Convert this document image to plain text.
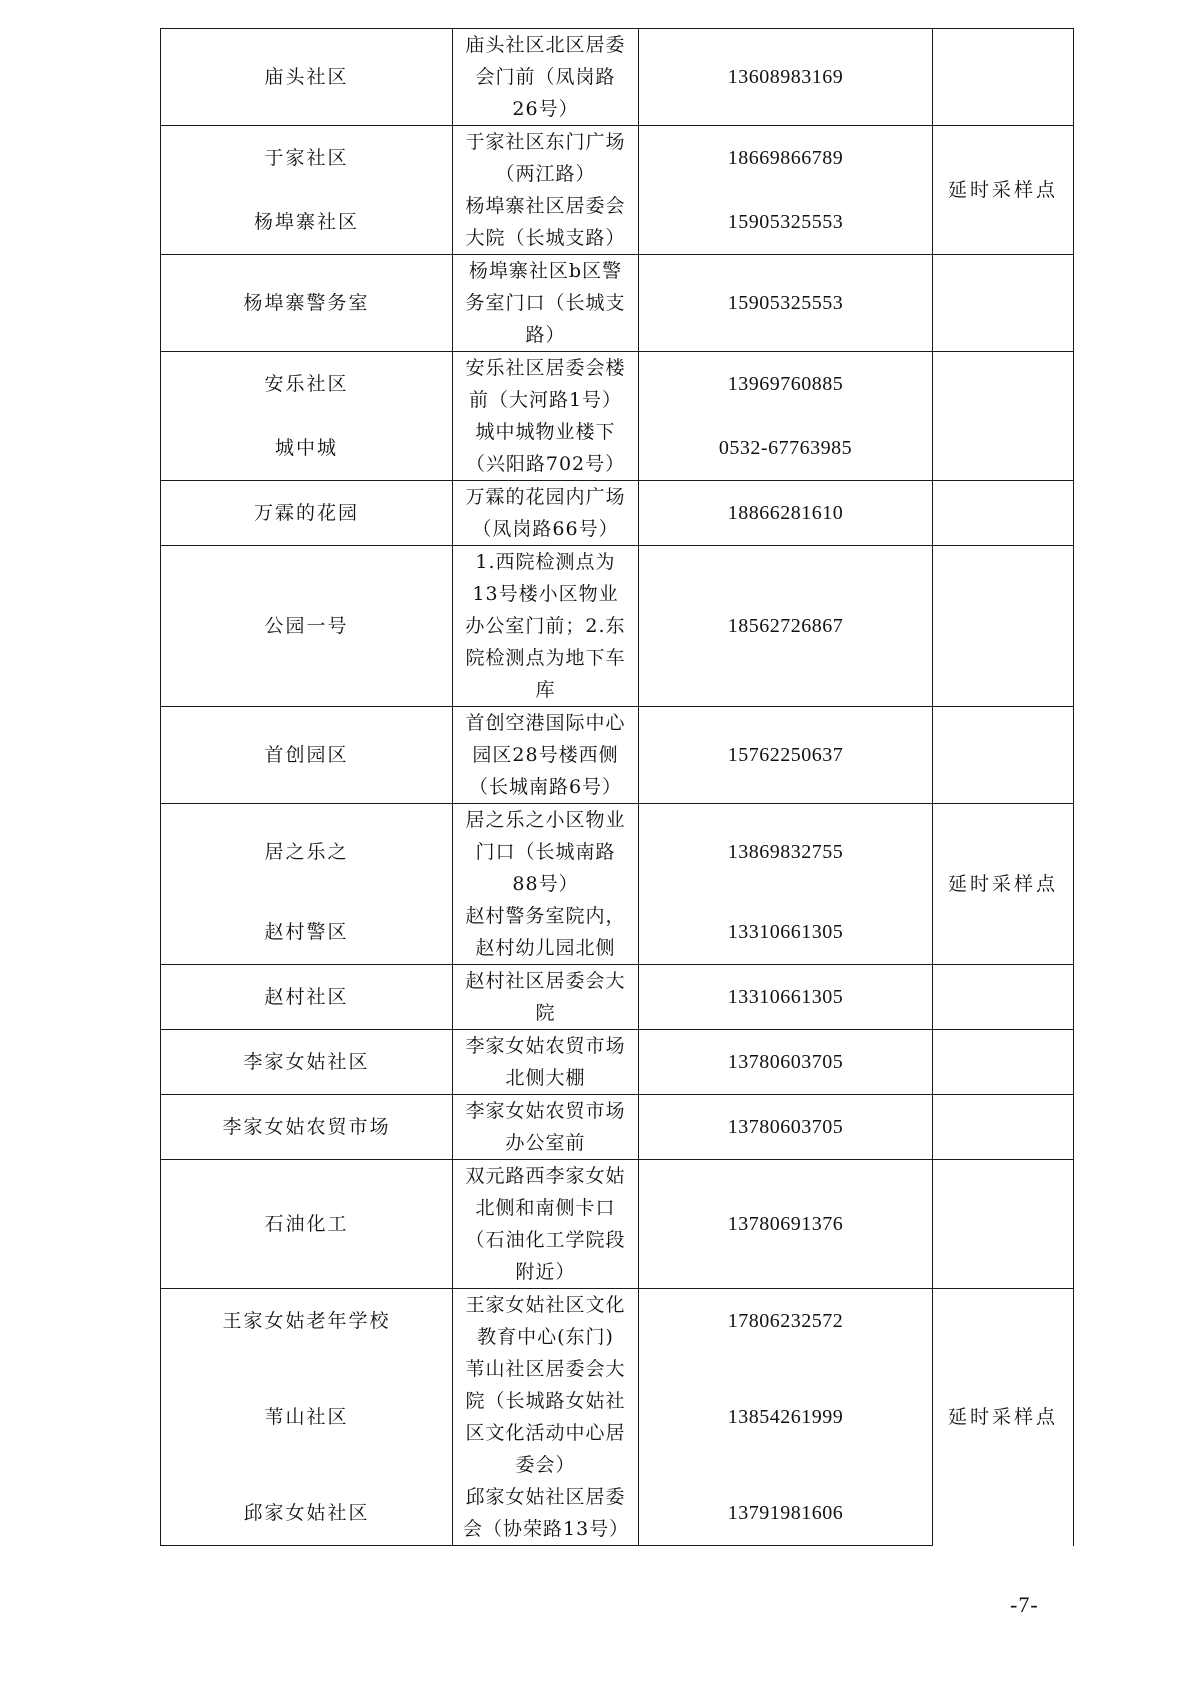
庙头社区	庙头社区北区居委会门前（凤岗路26号）	13608983169	
于家社区	于家社区东门广场（两江路）	18669866789	延时采样点
杨埠寨社区	杨埠寨社区居委会大院（长城支路）	15905325553	
杨埠寨警务室	杨埠寨社区b区警务室门口（长城支路）	15905325553	
安乐社区	安乐社区居委会楼前（大河路1号）	13969760885	
城中城	城中城物业楼下（兴阳路702号）	0532-67763985	
万霖的花园	万霖的花园内广场（凤岗路66号）	18866281610	
公园一号	1.西院检测点为13号楼小区物业办公室门前；2.东院检测点为地下车库	18562726867	
首创园区	首创空港国际中心园区28号楼西侧（长城南路6号）	15762250637	
居之乐之	居之乐之小区物业门口（长城南路88号）	13869832755	延时采样点
赵村警区	赵村警务室院内，赵村幼儿园北侧	13310661305	
赵村社区	赵村社区居委会大院	13310661305	
李家女姑社区	李家女姑农贸市场北侧大棚	13780603705	
李家女姑农贸市场	李家女姑农贸市场办公室前	13780603705	
石油化工	双元路西李家女姑北侧和南侧卡口（石油化工学院段附近）	13780691376	
王家女姑老年学校	王家女姑社区文化教育中心(东门)	17806232572	延时采样点
苇山社区	苇山社区居委会大院（长城路女姑社区文化活动中心居委会）	13854261999	
邱家女姑社区	邱家女姑社区居委会（协荣路13号）	13791981606	
-7-
